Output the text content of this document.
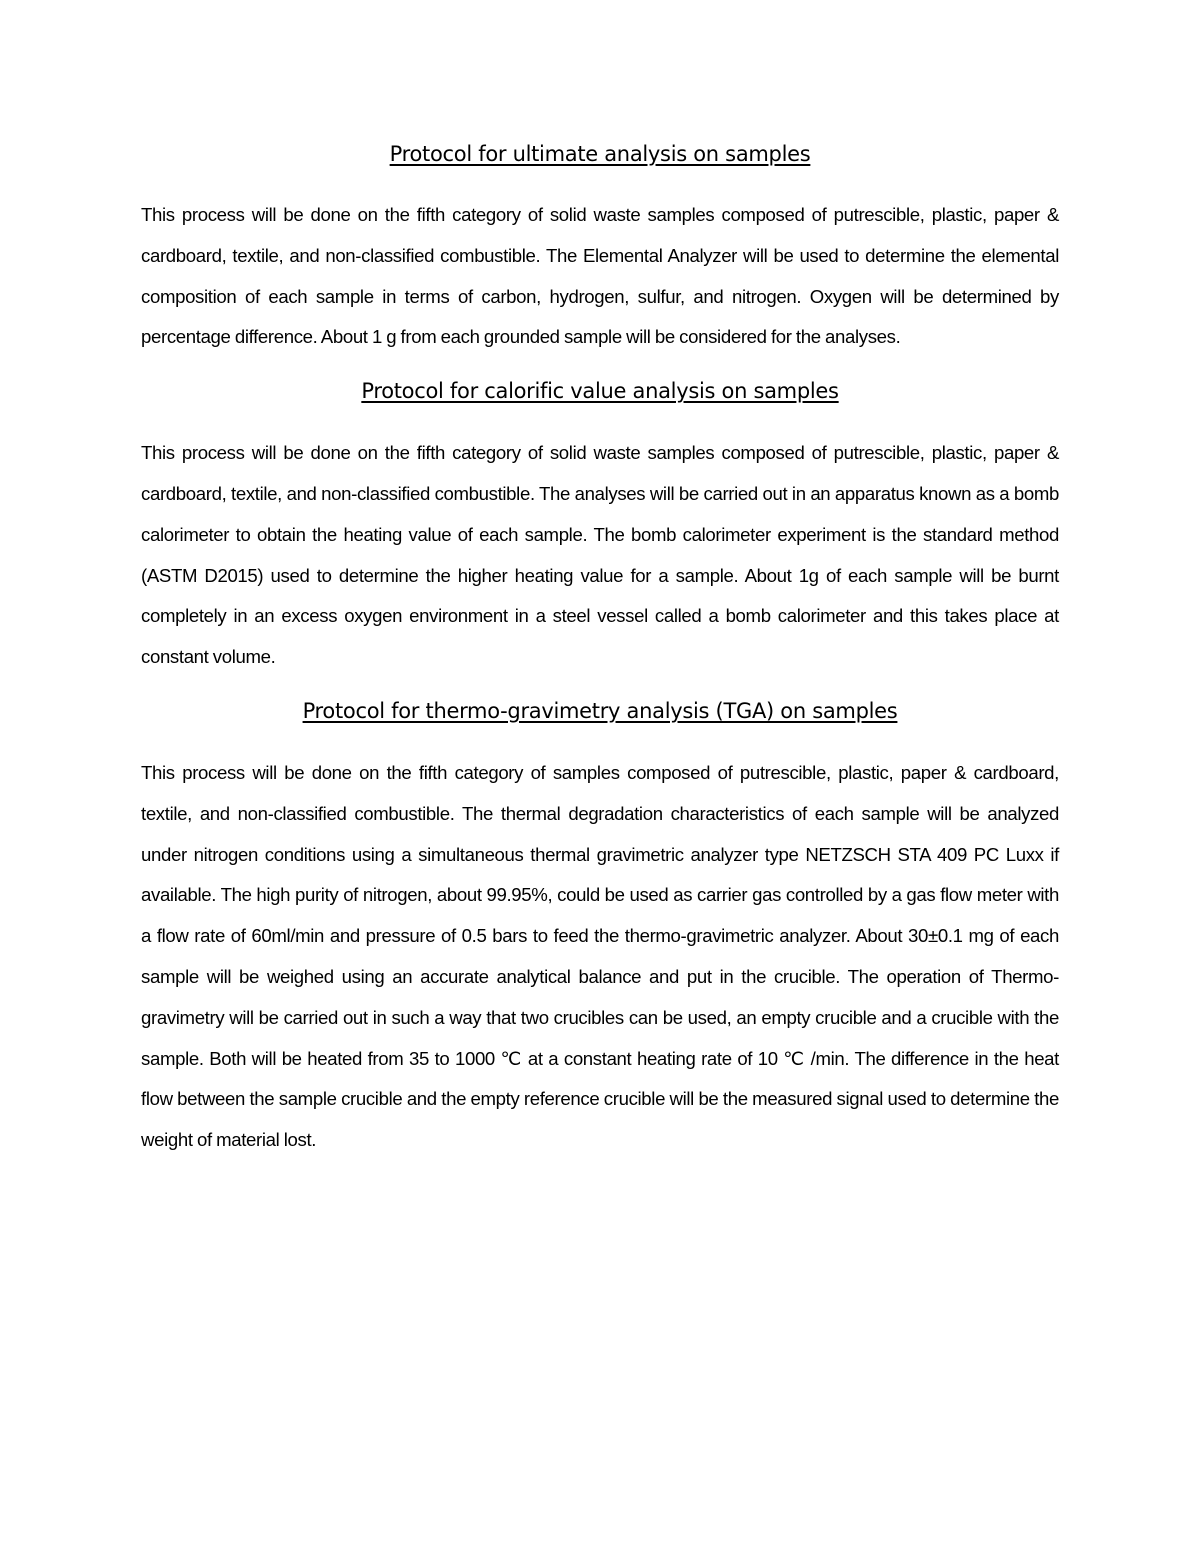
Protocol for ultimate analysis on samples

This process will be done on the fifth category of solid waste samples composed of putrescible, plastic, paper & cardboard, textile, and non-classified combustible. The Elemental Analyzer will be used to determine the elemental composition of each sample in terms of carbon, hydrogen, sulfur, and nitrogen. Oxygen will be determined by percentage difference. About 1 g from each grounded sample will be considered for the analyses.

Protocol for calorific value analysis on samples

This process will be done on the fifth category of solid waste samples composed of putrescible, plastic, paper & cardboard, textile, and non-classified combustible. The analyses will be carried out in an apparatus known as a bomb calorimeter to obtain the heating value of each sample. The bomb calorimeter experiment is the standard method (ASTM D2015) used to determine the higher heating value for a sample. About 1g of each sample will be burnt completely in an excess oxygen environment in a steel vessel called a bomb calorimeter and this takes place at constant volume.

Protocol for thermo-gravimetry analysis (TGA) on samples

This process will be done on the fifth category of samples composed of putrescible, plastic, paper & cardboard, textile, and non-classified combustible. The thermal degradation characteristics of each sample will be analyzed under nitrogen conditions using a simultaneous thermal gravimetric analyzer type NETZSCH STA 409 PC Luxx if available. The high purity of nitrogen, about 99.95%, could be used as carrier gas controlled by a gas flow meter with a flow rate of 60ml/min and pressure of 0.5 bars to feed the thermo-gravimetric analyzer. About 30±0.1 mg of each sample will be weighed using an accurate analytical balance and put in the crucible. The operation of Thermo-gravimetry will be carried out in such a way that two crucibles can be used, an empty crucible and a crucible with the sample. Both will be heated from 35 to 1000 ℃ at a constant heating rate of 10 ℃ /min. The difference in the heat flow between the sample crucible and the empty reference crucible will be the measured signal used to determine the weight of material lost.
